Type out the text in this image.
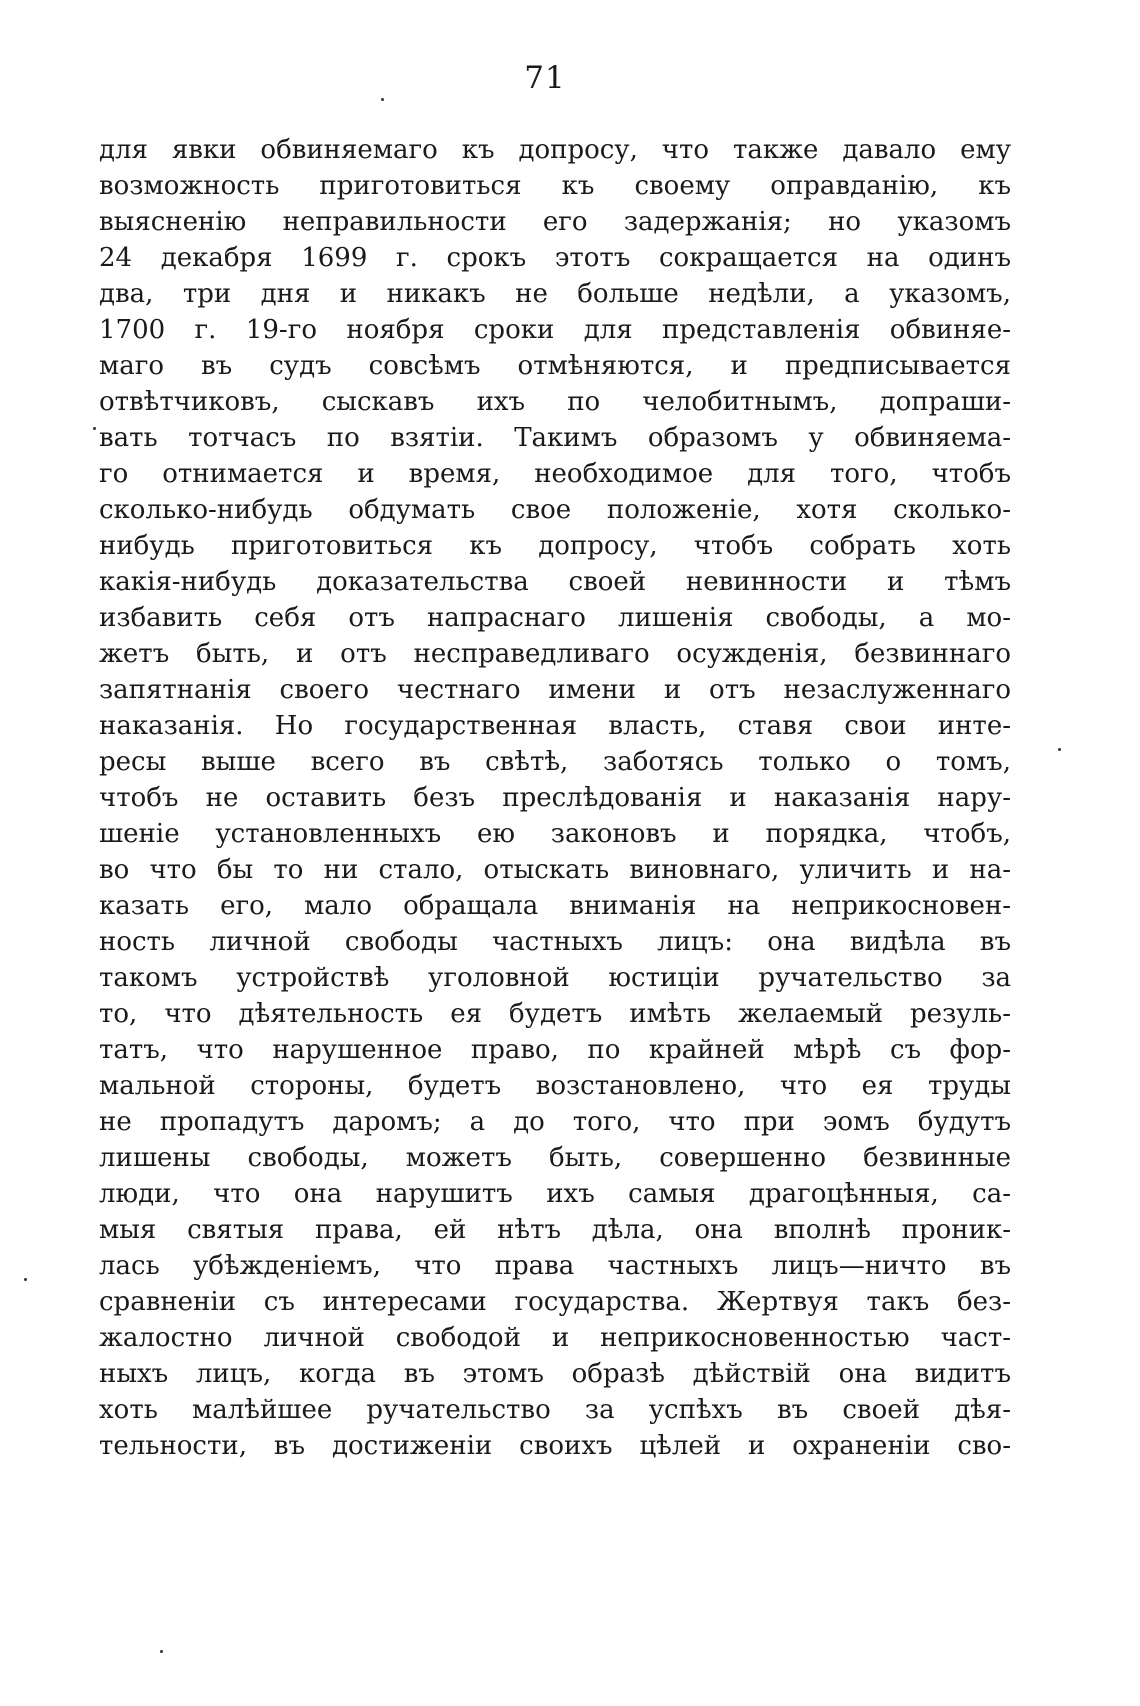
71
для явки обвиняемаго къ допросу, что также давало ему
возможность приготовиться къ своему оправданію, къ
выясненію неправильности его задержанія; но указомъ
24 декабря 1699 г. срокъ этотъ сокращается на одинъ
два, три дня и никакъ не больше недѣли, а указомъ,
1700 г. 19-го ноября сроки для представленія обвиняе-
маго въ судъ совсѣмъ отмѣняются, и предписывается
отвѣтчиковъ, сыскавъ ихъ по челобитнымъ, допраши-
вать тотчасъ по взятіи. Такимъ образомъ у обвиняема-
го отнимается и время, необходимое для того, чтобъ
сколько-нибудь обдумать свое положеніе, хотя сколько-
нибудь приготовиться къ допросу, чтобъ собрать хоть
какія-нибудь доказательства своей невинности и тѣмъ
избавить себя отъ напраснаго лишенія свободы, а мо-
жетъ быть, и отъ несправедливаго осужденія, безвиннаго
запятнанія своего честнаго имени и отъ незаслуженнаго
наказанія. Но государственная власть, ставя свои инте-
ресы выше всего въ свѣтѣ, заботясь только о томъ,
чтобъ не оставить безъ преслѣдованія и наказанія нару-
шеніе установленныхъ ею законовъ и порядка, чтобъ,
во что бы то ни стало, отыскать виновнаго, уличить и на-
казать его, мало обращала вниманія на неприкосновен-
ность личной свободы частныхъ лицъ: она видѣла въ
такомъ устройствѣ уголовной юстиціи ручательство за
то, что дѣятельность ея будетъ имѣть желаемый резуль-
татъ, что нарушенное право, по крайней мѣрѣ съ фор-
мальной стороны, будетъ возстановлено, что ея труды
не пропадутъ даромъ; а до того, что при эомъ будутъ
лишены свободы, можетъ быть, совершенно безвинные
люди, что она нарушитъ ихъ самыя драгоцѣнныя, са-
мыя святыя права, ей нѣтъ дѣла, она вполнѣ проник-
лась убѣжденіемъ, что права частныхъ лицъ—ничто въ
сравненіи съ интересами государства. Жертвуя такъ без-
жалостно личной свободой и неприкосновенностью част-
ныхъ лицъ, когда въ этомъ образѣ дѣйствій она видитъ
хоть малѣйшее ручательство за успѣхъ въ своей дѣя-
тельности, въ достиженіи своихъ цѣлей и охраненіи сво-
